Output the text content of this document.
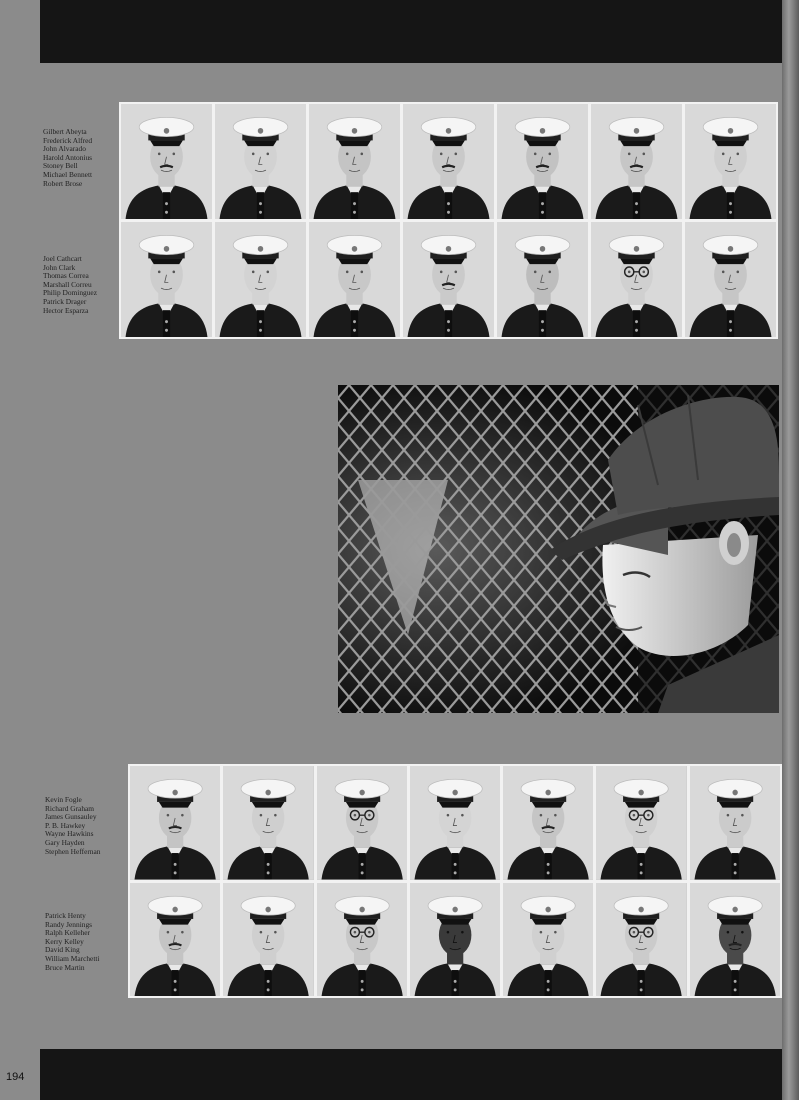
Gilbert Abeyta
Frederick Alfred
John Alvarado
Harold Antonius
Stoney Bell
Michael Bennett
Robert Brose
Joel Cathcart
John Clark
Thomas Correa
Marshall Correu
Philip Dominguez
Patrick Drager
Hector Esparza
Kevin Fogle
Richard Graham
James Gunsauley
P. B. Hawkey
Wayne Hawkins
Gary Hayden
Stephen Heffernan
Patrick Henty
Randy Jennings
Ralph Kelleher
Kerry Kelley
David King
William Marchetti
Bruce Martin
194
